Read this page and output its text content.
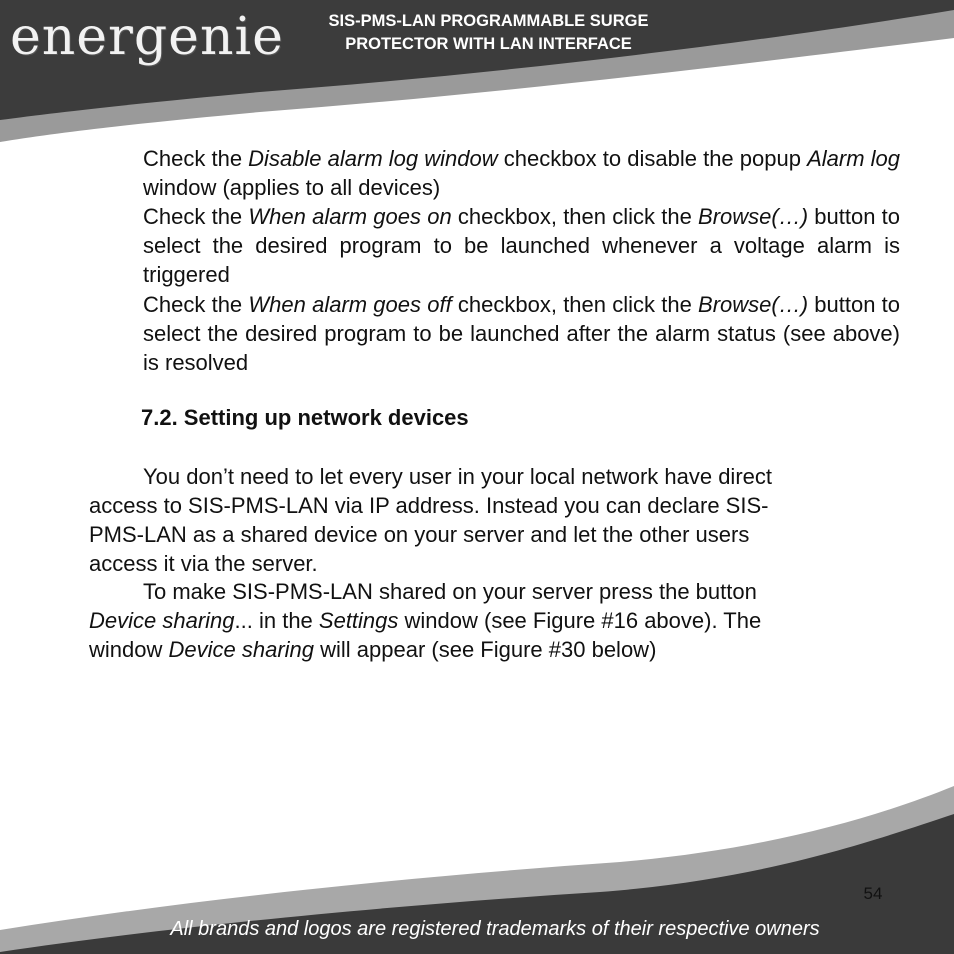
energenie	SIS-PMS-LAN PROGRAMMABLE SURGE
PROTECTOR WITH LAN INTERFACE

Check the Disable alarm log window checkbox to disable the popup Alarm log window (applies to all devices)

Check the When alarm goes on checkbox, then click the Browse(…) button to select the desired program to be launched whenever a voltage alarm is triggered

Check the When alarm goes off checkbox, then click the Browse(…) button to select the desired program to be launched after the alarm status (see above) is resolved

7.2. Setting up network devices
You don’t need to let every user in your local network have direct
access to SIS-PMS-LAN via IP address. Instead you can declare SIS-
PMS-LAN as a shared device on your server and let the other users
access it via the server.
To make SIS-PMS-LAN shared on your server press the button
Device sharing... in the Settings window (see Figure #16 above). The
window Device sharing will appear (see Figure #30 below)
54
All brands and logos are registered trademarks of their respective owners
